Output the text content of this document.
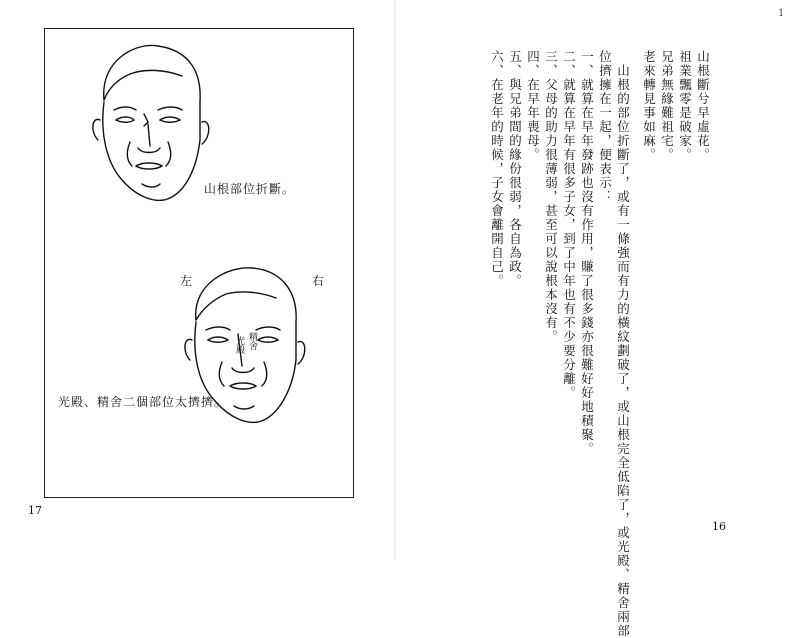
山根部位折斷。
左	右
光殿 精舍
光殿、精舍二個部位太擠擠。
17
1
山根斷兮早虛花。
祖業飄零是破家。
兄弟無緣難祖宅。
老來轉見事如麻。
　山根的部位折斷了，或有一條強而有力的橫紋劃破了，或山根完全低陷了，或光殿、精舍兩部
位擠擁在一起，便表示：
一、就算在早年發跡也沒有作用，賺了很多錢亦很難好好地積聚。
二、就算在早年有很多子女，到了中年也有不少要分離。
三、父母的助力很薄弱，甚至可以說根本沒有。
四、在早年喪母。
五、與兄弟間的緣份很弱，各自為政。
六、在老年的時候，子女會離開自己。
16
